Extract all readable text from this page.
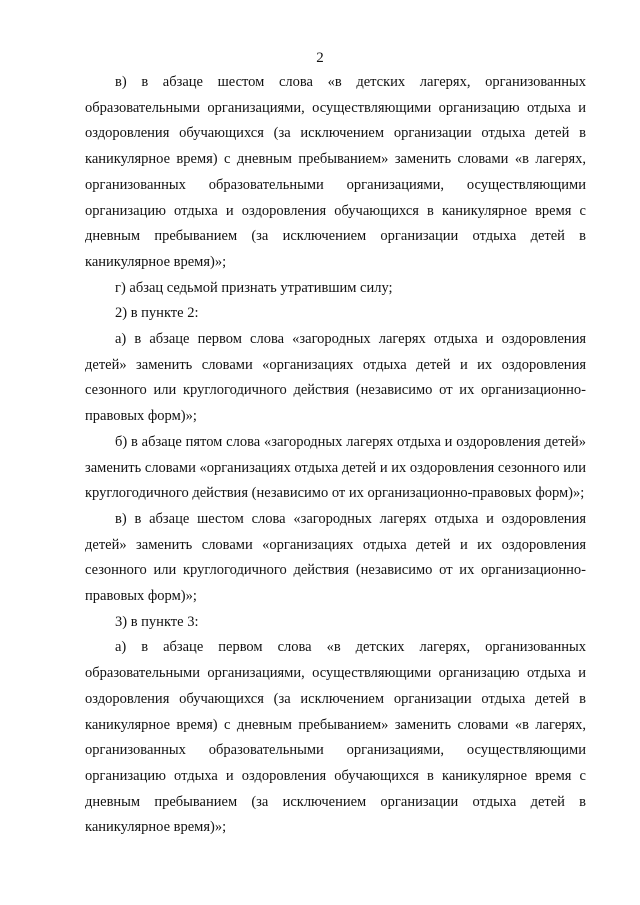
2

в) в абзаце шестом слова «в детских лагерях, организованных образовательными организациями, осуществляющими организацию отдыха и оздоровления обучающихся (за исключением организации отдыха детей в каникулярное время) с дневным пребыванием» заменить словами «в лагерях, организованных образовательными организациями, осуществляющими организацию отдыха и оздоровления обучающихся в каникулярное время с дневным пребыванием (за исключением организации отдыха детей в каникулярное время)»;

г) абзац седьмой признать утратившим силу;

2) в пункте 2:

а) в абзаце первом слова «загородных лагерях отдыха и оздоровления детей» заменить словами «организациях отдыха детей и их оздоровления сезонного или круглогодичного действия (независимо от их организационно-правовых форм)»;

б) в абзаце пятом слова «загородных лагерях отдыха и оздоровления детей» заменить словами «организациях отдыха детей и их оздоровления сезонного или круглогодичного действия (независимо от их организационно-правовых форм)»;

в) в абзаце шестом слова «загородных лагерях отдыха и оздоровления детей» заменить словами «организациях отдыха детей и их оздоровления сезонного или круглогодичного действия (независимо от их организационно-правовых форм)»;

3) в пункте 3:

а) в абзаце первом слова «в детских лагерях, организованных образовательными организациями, осуществляющими организацию отдыха и оздоровления обучающихся (за исключением организации отдыха детей в каникулярное время) с дневным пребыванием» заменить словами «в лагерях, организованных образовательными организациями, осуществляющими организацию отдыха и оздоровления обучающихся в каникулярное время с дневным пребыванием (за исключением организации отдыха детей в каникулярное время)»;
